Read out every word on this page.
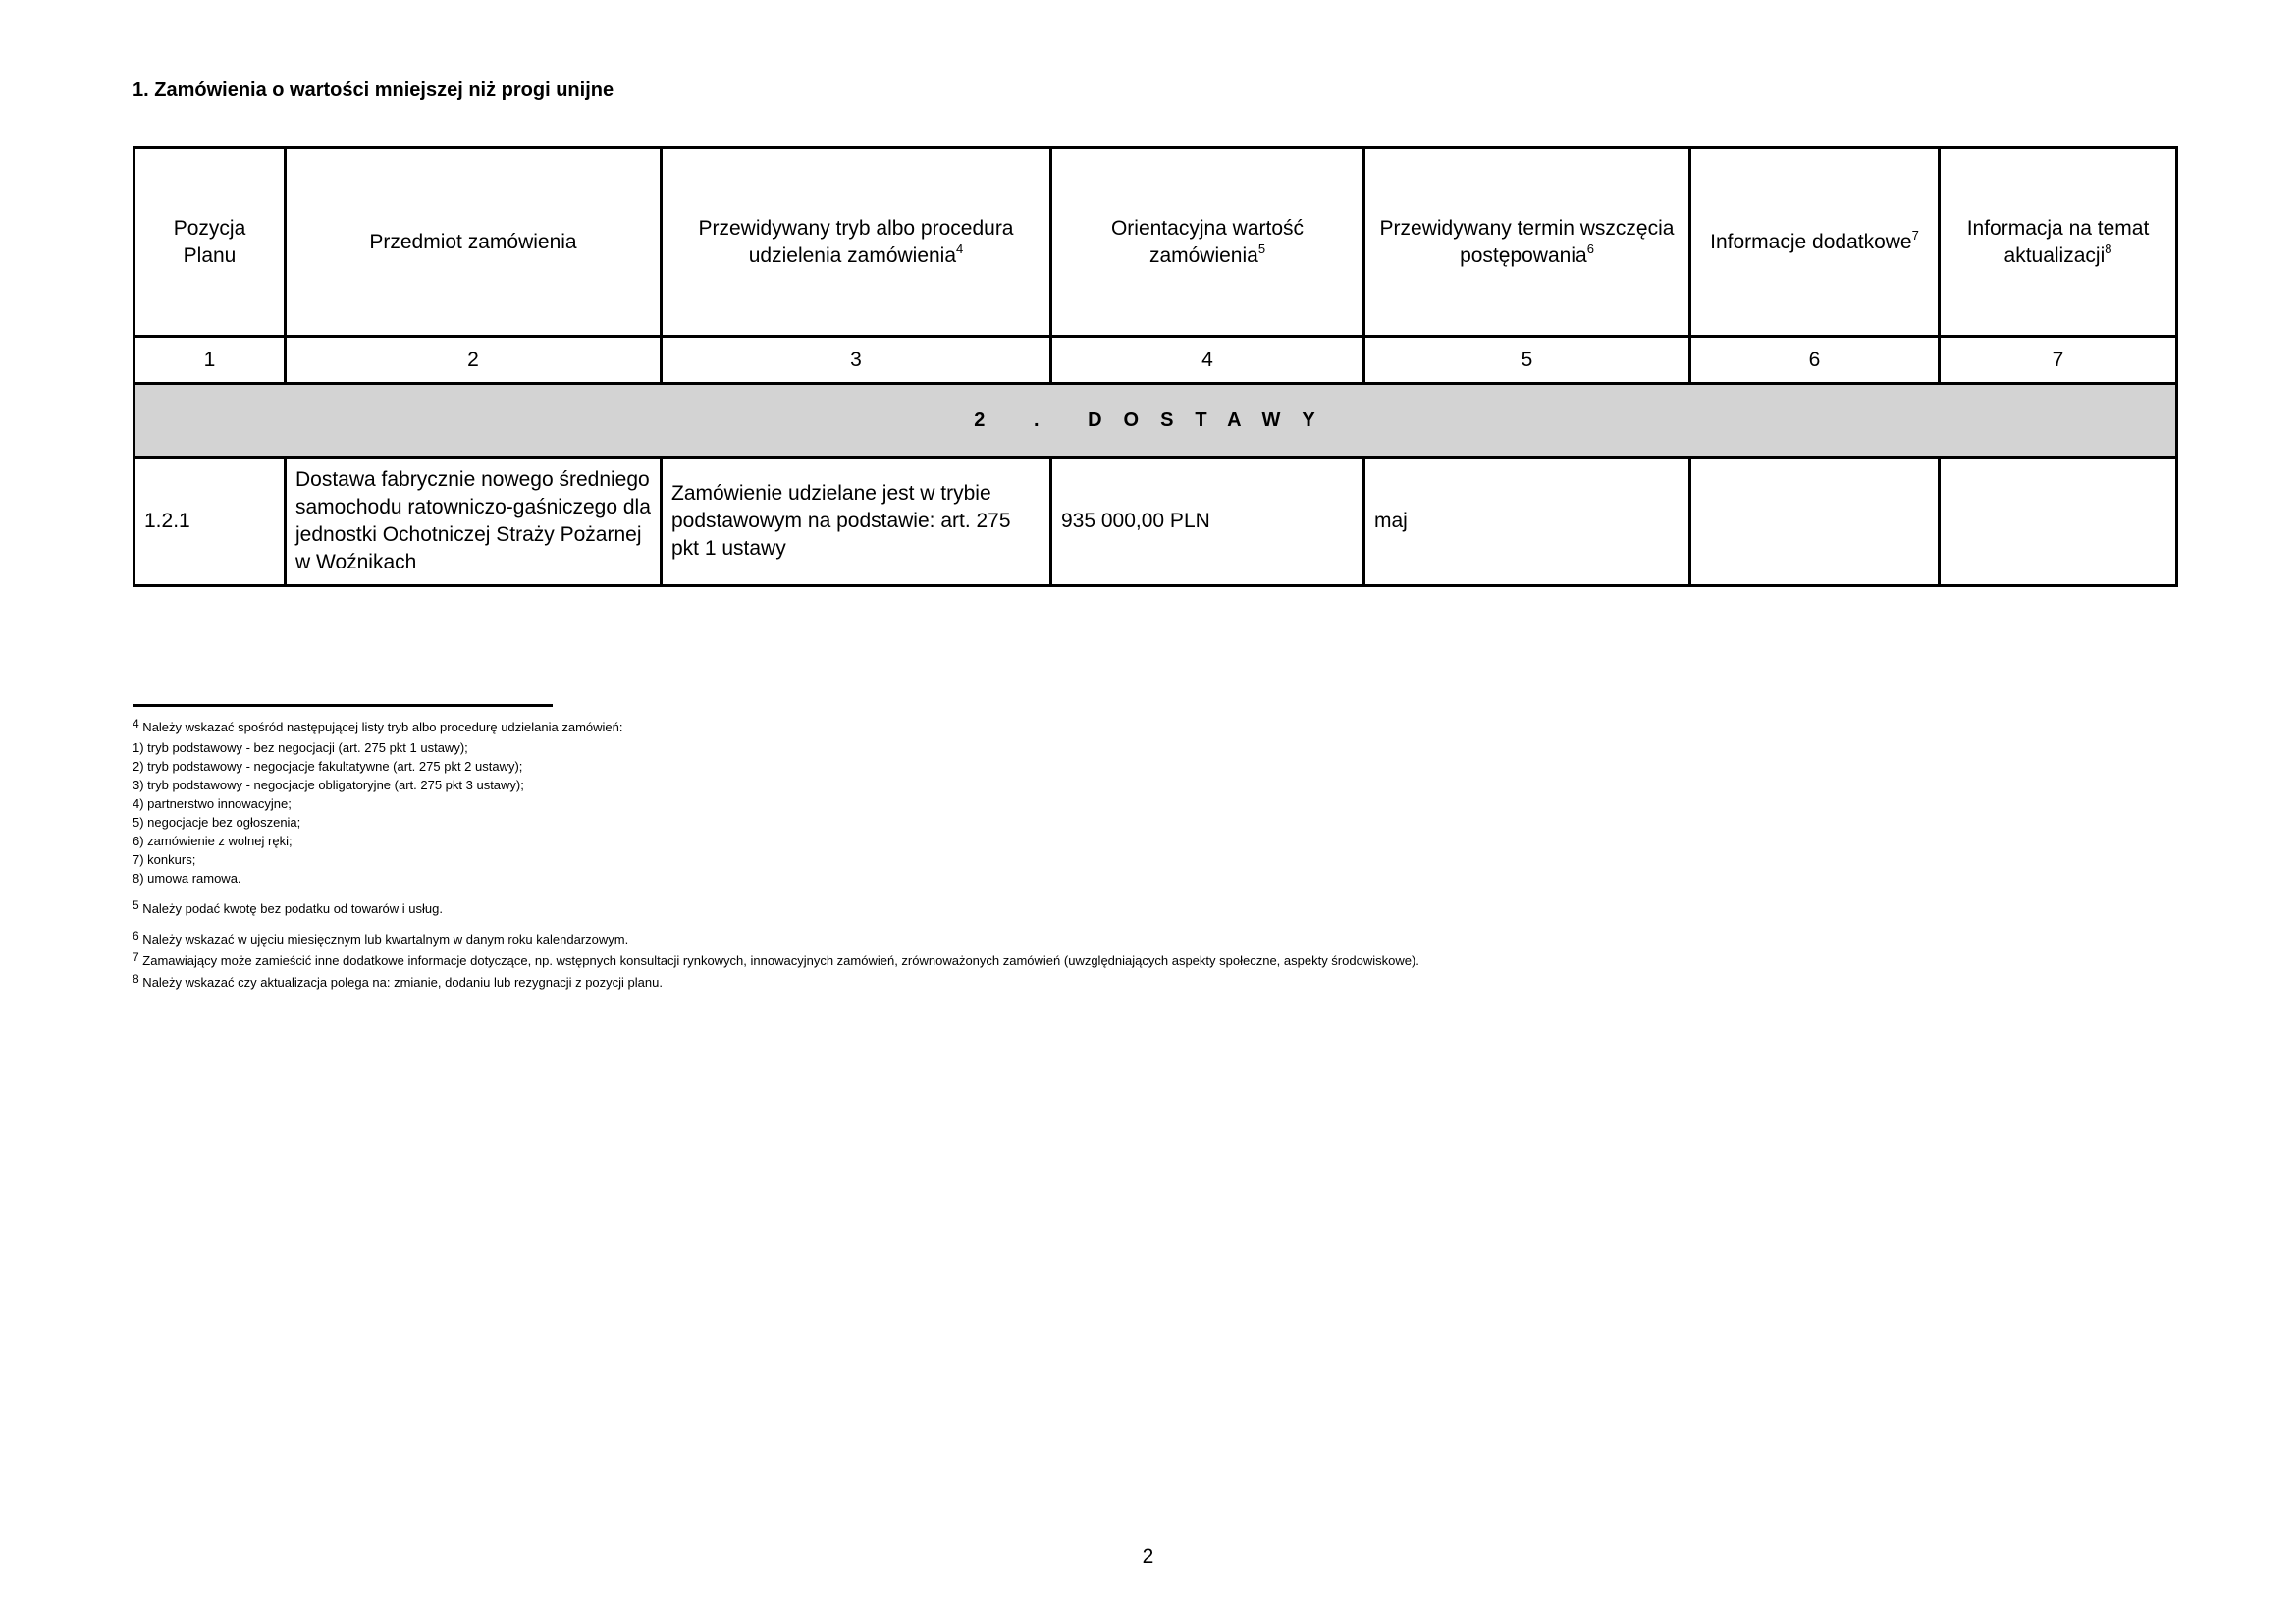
1. Zamówienia o wartości mniejszej niż progi unijne
Pozycja Planu	Przedmiot zamówienia	Przewidywany tryb albo procedura udzielenia zamówienia$^4$	Orientacyjna wartość zamówienia$^5$	Przewidywany termin wszczęcia postępowania$^6$	Informacje dodatkowe$^7$	Informacja na temat aktualizacji$^8$
1	2	3	4	5	6	7
2 . DOSTAWY						
1.2.1	Dostawa fabrycznie nowego średniego samochodu ratowniczo-gaśniczego dla jednostki Ochotniczej Straży Pożarnej w Woźnikach	Zamówienie udzielane jest w trybie podstawowym na podstawie: art. 275 pkt 1 ustawy	935 000,00 PLN	maj		

$^4$ Należy wskazać spośród następującej listy tryb albo procedurę udzielania zamówień:

1) tryb podstawowy - bez negocjacji (art. 275 pkt 1 ustawy);
2) tryb podstawowy - negocjacje fakultatywne (art. 275 pkt 2 ustawy);
3) tryb podstawowy - negocjacje obligatoryjne (art. 275 pkt 3 ustawy);
4) partnerstwo innowacyjne;
5) negocjacje bez ogłoszenia;
6) zamówienie z wolnej ręki;
7) konkurs;
8) umowa ramowa.

$^5$ Należy podać kwotę bez podatku od towarów i usług.

$^6$ Należy wskazać w ujęciu miesięcznym lub kwartalnym w danym roku kalendarzowym.

$^7$ Zamawiający może zamieścić inne dodatkowe informacje dotyczące, np. wstępnych konsultacji rynkowych, innowacyjnych zamówień, zrównoważonych zamówień (uwzględniających aspekty społeczne, aspekty środowiskowe).

$^8$ Należy wskazać czy aktualizacja polega na: zmianie, dodaniu lub rezygnacji z pozycji planu.

2
